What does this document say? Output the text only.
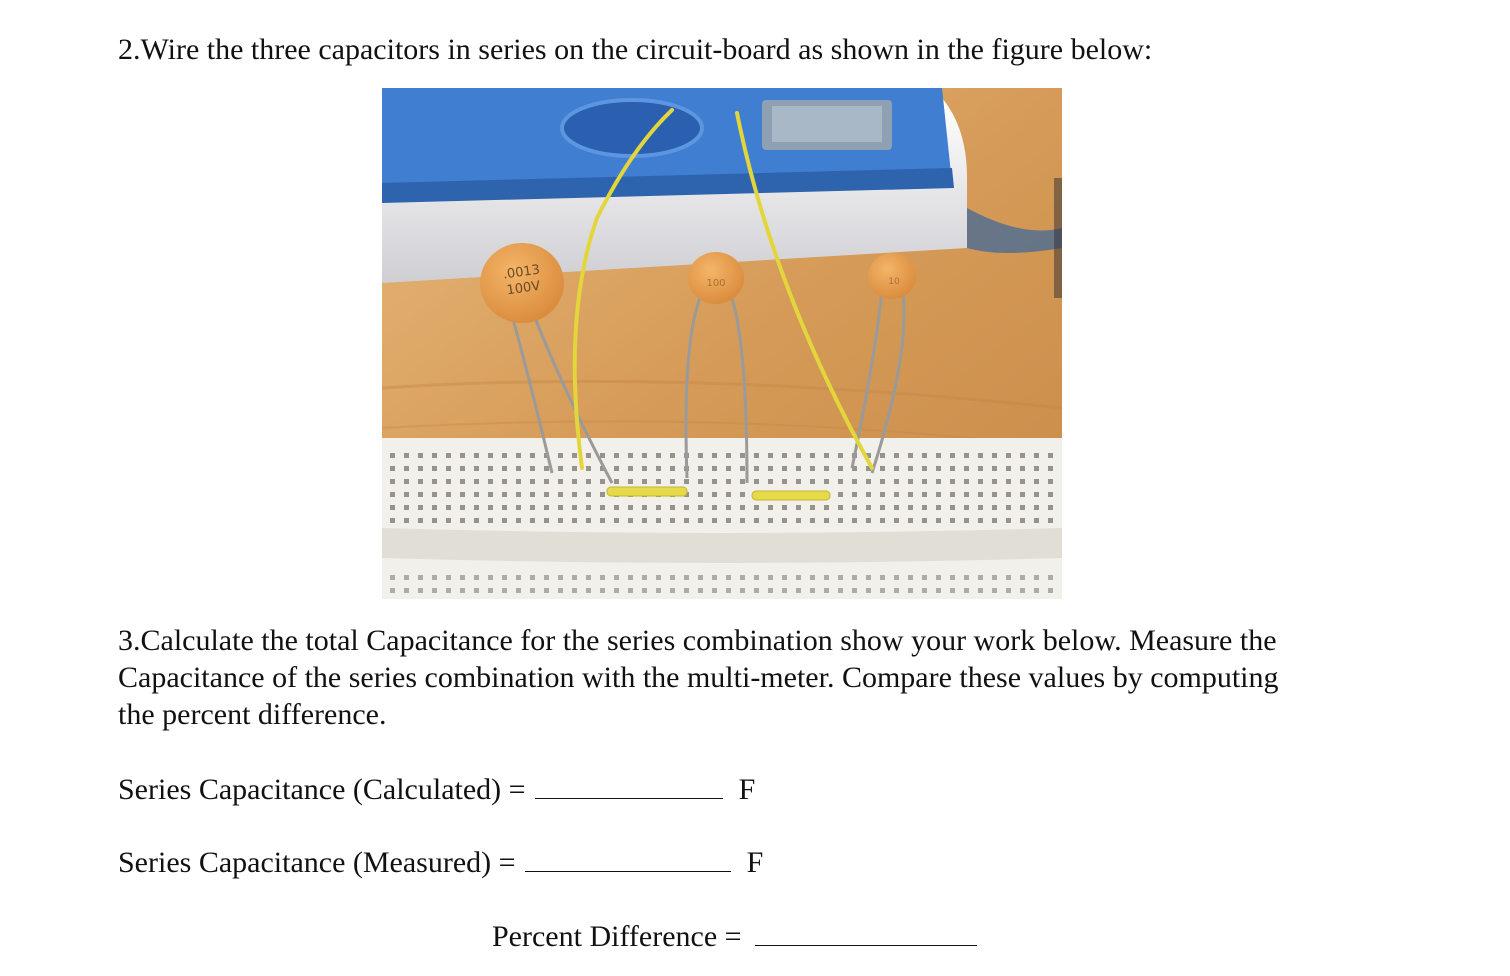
2.Wire the three capacitors in series on the circuit-board as shown in the figure below:
.0013
100V	100	10
3.Calculate the total Capacitance for the series combination show your work below. Measure the
Capacitance of the series combination with the multi-meter. Compare these values by computing
the percent difference.
Series Capacitance (Calculated) =	F
Series Capacitance (Measured) =	F
Percent Difference =
